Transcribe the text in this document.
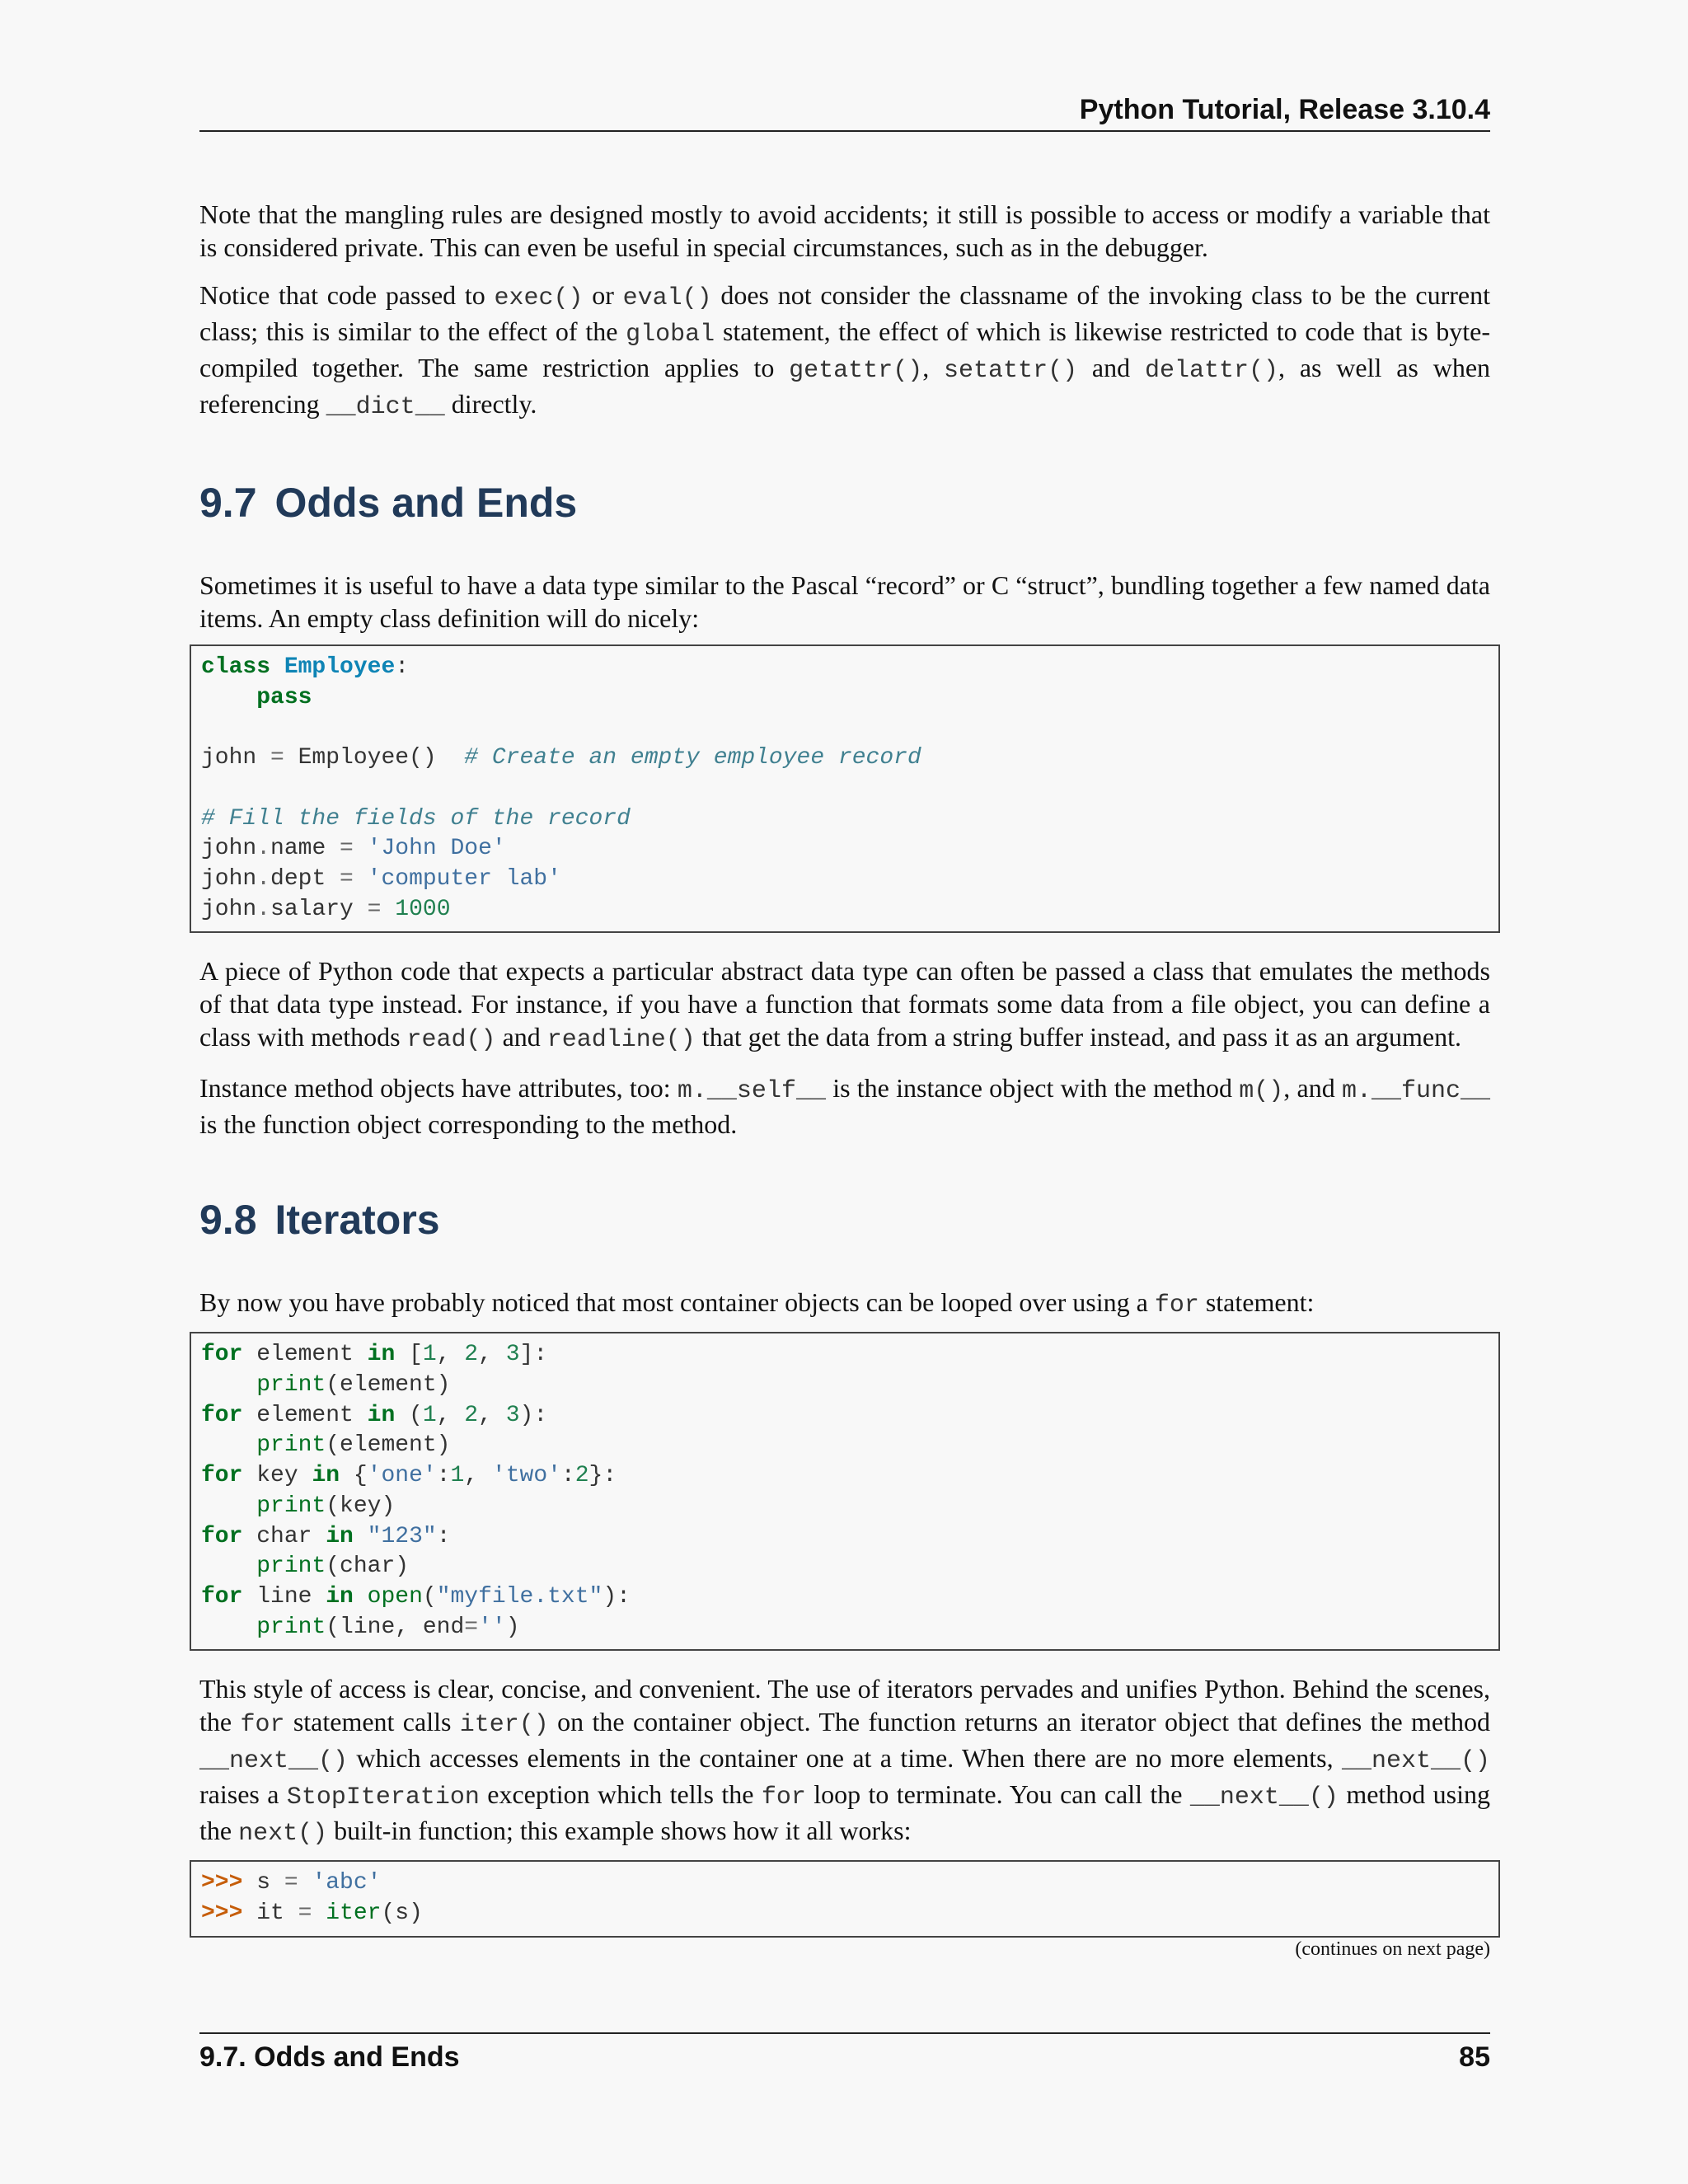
Python Tutorial, Release 3.10.4

Note that the mangling rules are designed mostly to avoid accidents; it still is possible to access or modify a variable that is considered private. This can even be useful in special circumstances, such as in the debugger.

Notice that code passed to exec() or eval() does not consider the classname of the invoking class to be the current class; this is similar to the effect of the global statement, the effect of which is likewise restricted to code that is byte-compiled together. The same restriction applies to getattr(), setattr() and delattr(), as well as when referencing __dict__ directly.

9.7 Odds and Ends

Sometimes it is useful to have a data type similar to the Pascal “record” or C “struct”, bundling together a few named data items. An empty class definition will do nicely:

class Employee:
pass

john = Employee()  # Create an empty employee record

# Fill the fields of the record
john.name = 'John Doe'
john.dept = 'computer lab'
john.salary = 1000

A piece of Python code that expects a particular abstract data type can often be passed a class that emulates the methods of that data type instead. For instance, if you have a function that formats some data from a file object, you can define a class with methods read() and readline() that get the data from a string buffer instead, and pass it as an argument.

Instance method objects have attributes, too: m.__self__ is the instance object with the method m(), and m.__func__ is the function object corresponding to the method.

9.8 Iterators

By now you have probably noticed that most container objects can be looped over using a for statement:

for element in [1, 2, 3]:
print(element)
for element in (1, 2, 3):
print(element)
for key in {'one':1, 'two':2}:
print(key)
for char in "123":
print(char)
for line in open("myfile.txt"):
print(line, end='')

This style of access is clear, concise, and convenient. The use of iterators pervades and unifies Python. Behind the scenes, the for statement calls iter() on the container object. The function returns an iterator object that defines the method __next__() which accesses elements in the container one at a time. When there are no more elements, __next__() raises a StopIteration exception which tells the for loop to terminate. You can call the __next__() method using the next() built-in function; this example shows how it all works:

>>> s = 'abc'
>>> it = iter(s)
(continues on next page)
9.7. Odds and Ends	85
